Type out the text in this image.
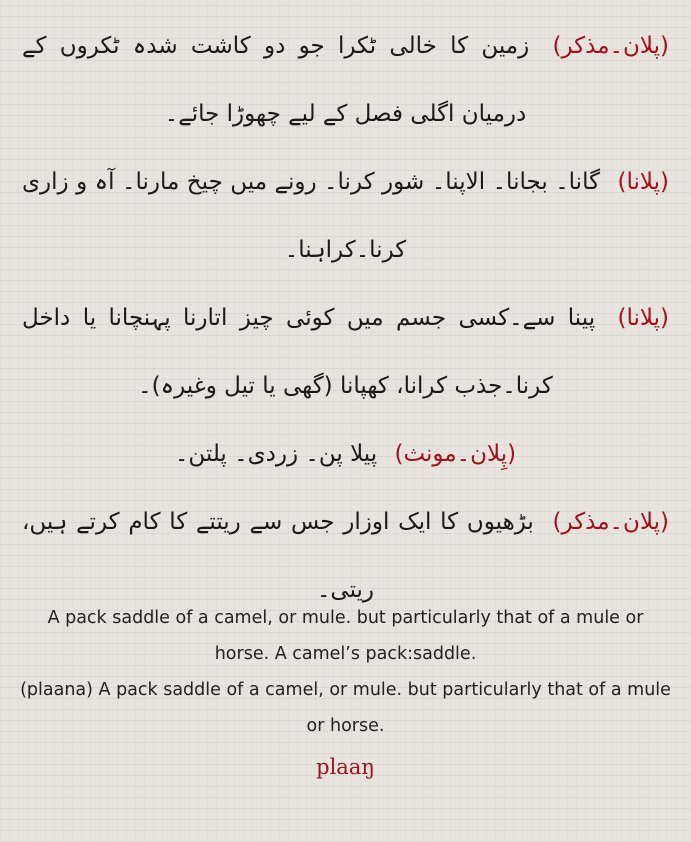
(پلان۔مذکر) زمین کا خالی ٹکرا جو دو کاشت شدہ ٹکروں کے درمیان اگلی فصل کے لیے چھوڑا جائے۔
(پلانا) گانا۔ بجانا۔ الاپنا۔ شور کرنا۔ رونے میں چیخ مارنا۔ آہ و زاری کرنا۔کراہنا۔
(پلانا) پینا سے۔کسی جسم میں کوئی چیز اتارنا پہنچانا یا داخل کرنا۔جذب کرانا، کھپانا (گھی یا تیل وغیرہ)۔
(پِلان۔مونث) پیلا پن۔ زردی۔ پلتن۔
(پلان۔مذکر) بڑھیوں کا ایک اوزار جس سے ریتتے کا کام کرتے ہیں، ریتی۔

A pack saddle of a camel, or mule. but particularly that of a mule or horse. A camel’s pack:saddle.

(plaana) A pack saddle of a camel, or mule. but particularly that of a mule or horse.

plaaŋ
